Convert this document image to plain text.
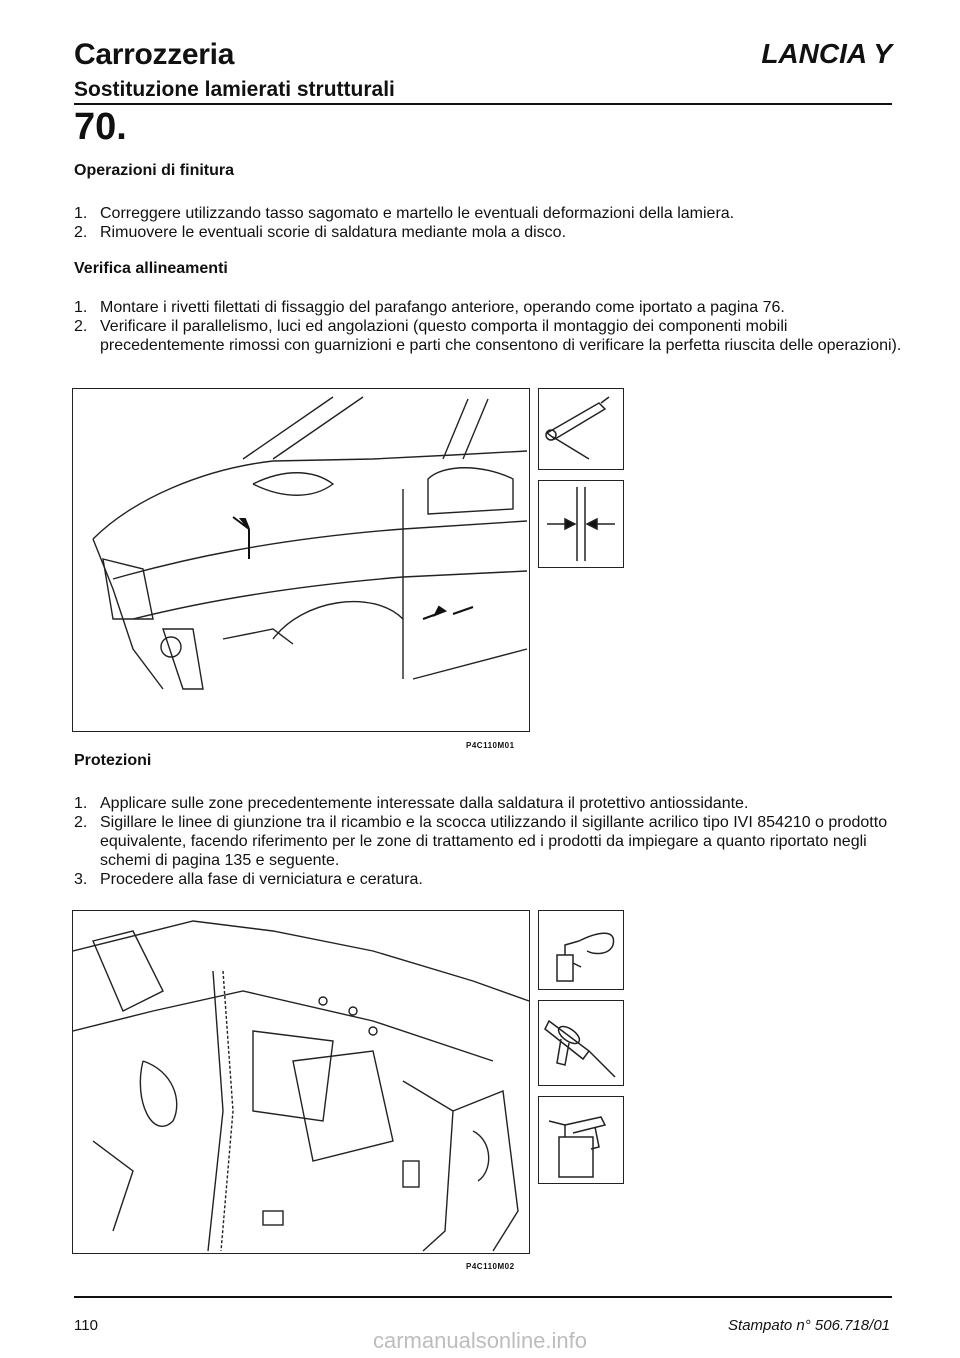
Carrozzeria	LANCIA Y
Sostituzione lamierati strutturali
70.
Operazioni di finitura
1. Correggere utilizzando tasso sagomato e martello le eventuali deformazioni della lamiera.
2. Rimuovere le eventuali scorie di saldatura mediante mola a disco.
Verifica allineamenti
1. Montare i rivetti filettati di fissaggio del parafango anteriore, operando come iportato a pagina 76.
2. Verificare il parallelismo, luci ed angolazioni (questo comporta il montaggio dei componenti mobili precedentemente rimossi con guarnizioni e parti che consentono di verificare la perfetta riuscita delle operazioni).
P4C110M01
Protezioni
1. Applicare sulle zone precedentemente interessate dalla saldatura il protettivo antiossidante.
2. Sigillare le linee di giunzione tra il ricambio e la scocca utilizzando il sigillante acrilico tipo IVI 854210 o prodotto equivalente, facendo riferimento per le zone di trattamento ed i prodotti da impiegare a quanto riportato negli schemi di pagina 135 e seguente.
3. Procedere alla fase di verniciatura e ceratura.
P4C110M02
110	Stampato n° 506.718/01
carmanualsonline.info
